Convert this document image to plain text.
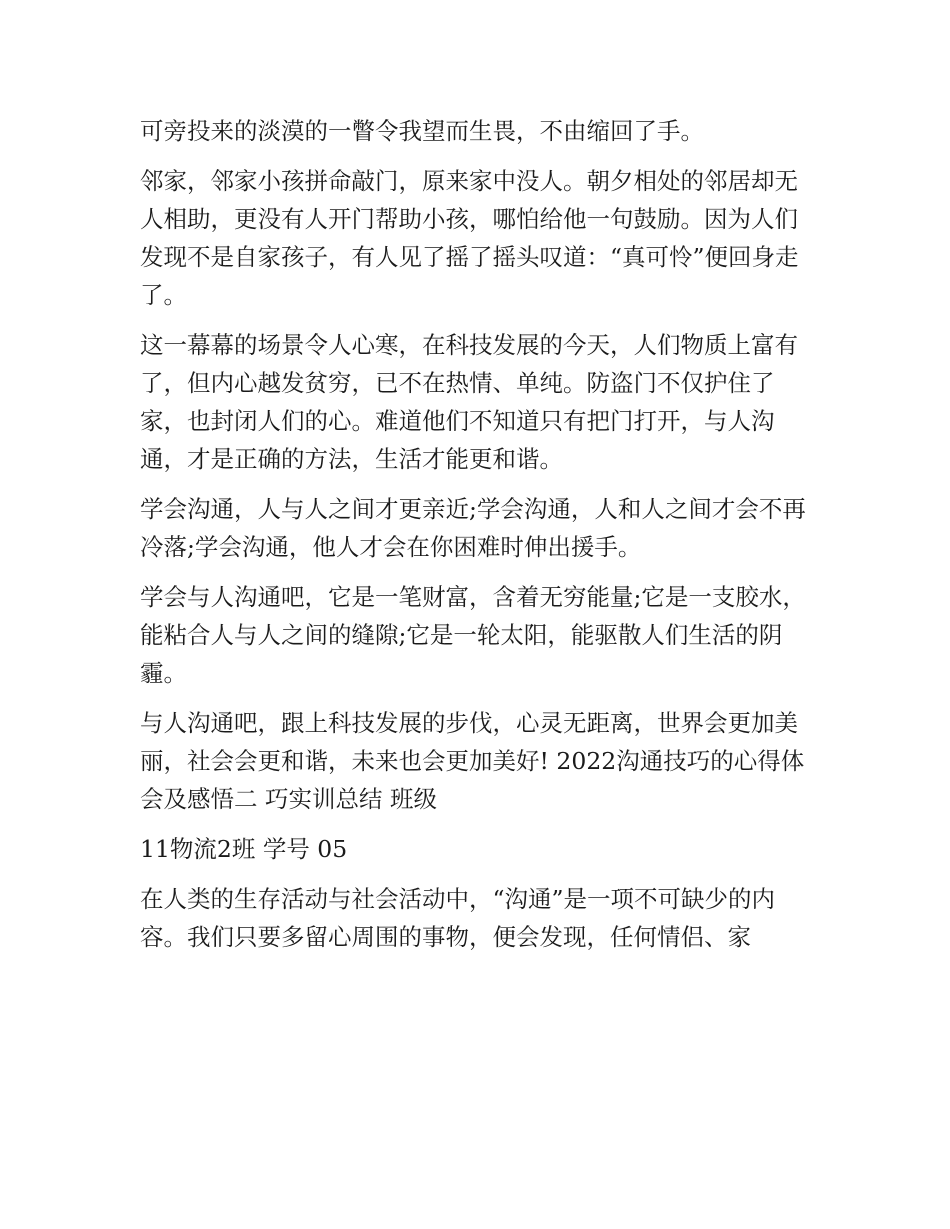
可旁投来的淡漠的一瞥令我望而生畏，不由缩回了手。

邻家，邻家小孩拼命敲门，原来家中没人。朝夕相处的邻居却无人相助，更没有人开门帮助小孩，哪怕给他一句鼓励。因为人们发现不是自家孩子，有人见了摇了摇头叹道：“真可怜”便回身走了。

这一幕幕的场景令人心寒，在科技发展的今天，人们物质上富有了，但内心越发贫穷，已不在热情、单纯。防盗门不仅护住了家，也封闭人们的心。难道他们不知道只有把门打开，与人沟通，才是正确的方法，生活才能更和谐。

学会沟通，人与人之间才更亲近;学会沟通，人和人之间才会不再冷落;学会沟通，他人才会在你困难时伸出援手。

学会与人沟通吧，它是一笔财富，含着无穷能量;它是一支胶水，能粘合人与人之间的缝隙;它是一轮太阳，能驱散人们生活的阴霾。

与人沟通吧，跟上科技发展的步伐，心灵无距离，世界会更加美丽，社会会更和谐，未来也会更加美好! 2022沟通技巧的心得体会及感悟二 巧实训总结 班级

11物流2班 学号 05

在人类的生存活动与社会活动中，“沟通”是一项不可缺少的内容。我们只要多留心周围的事物，便会发现，任何情侣、家
